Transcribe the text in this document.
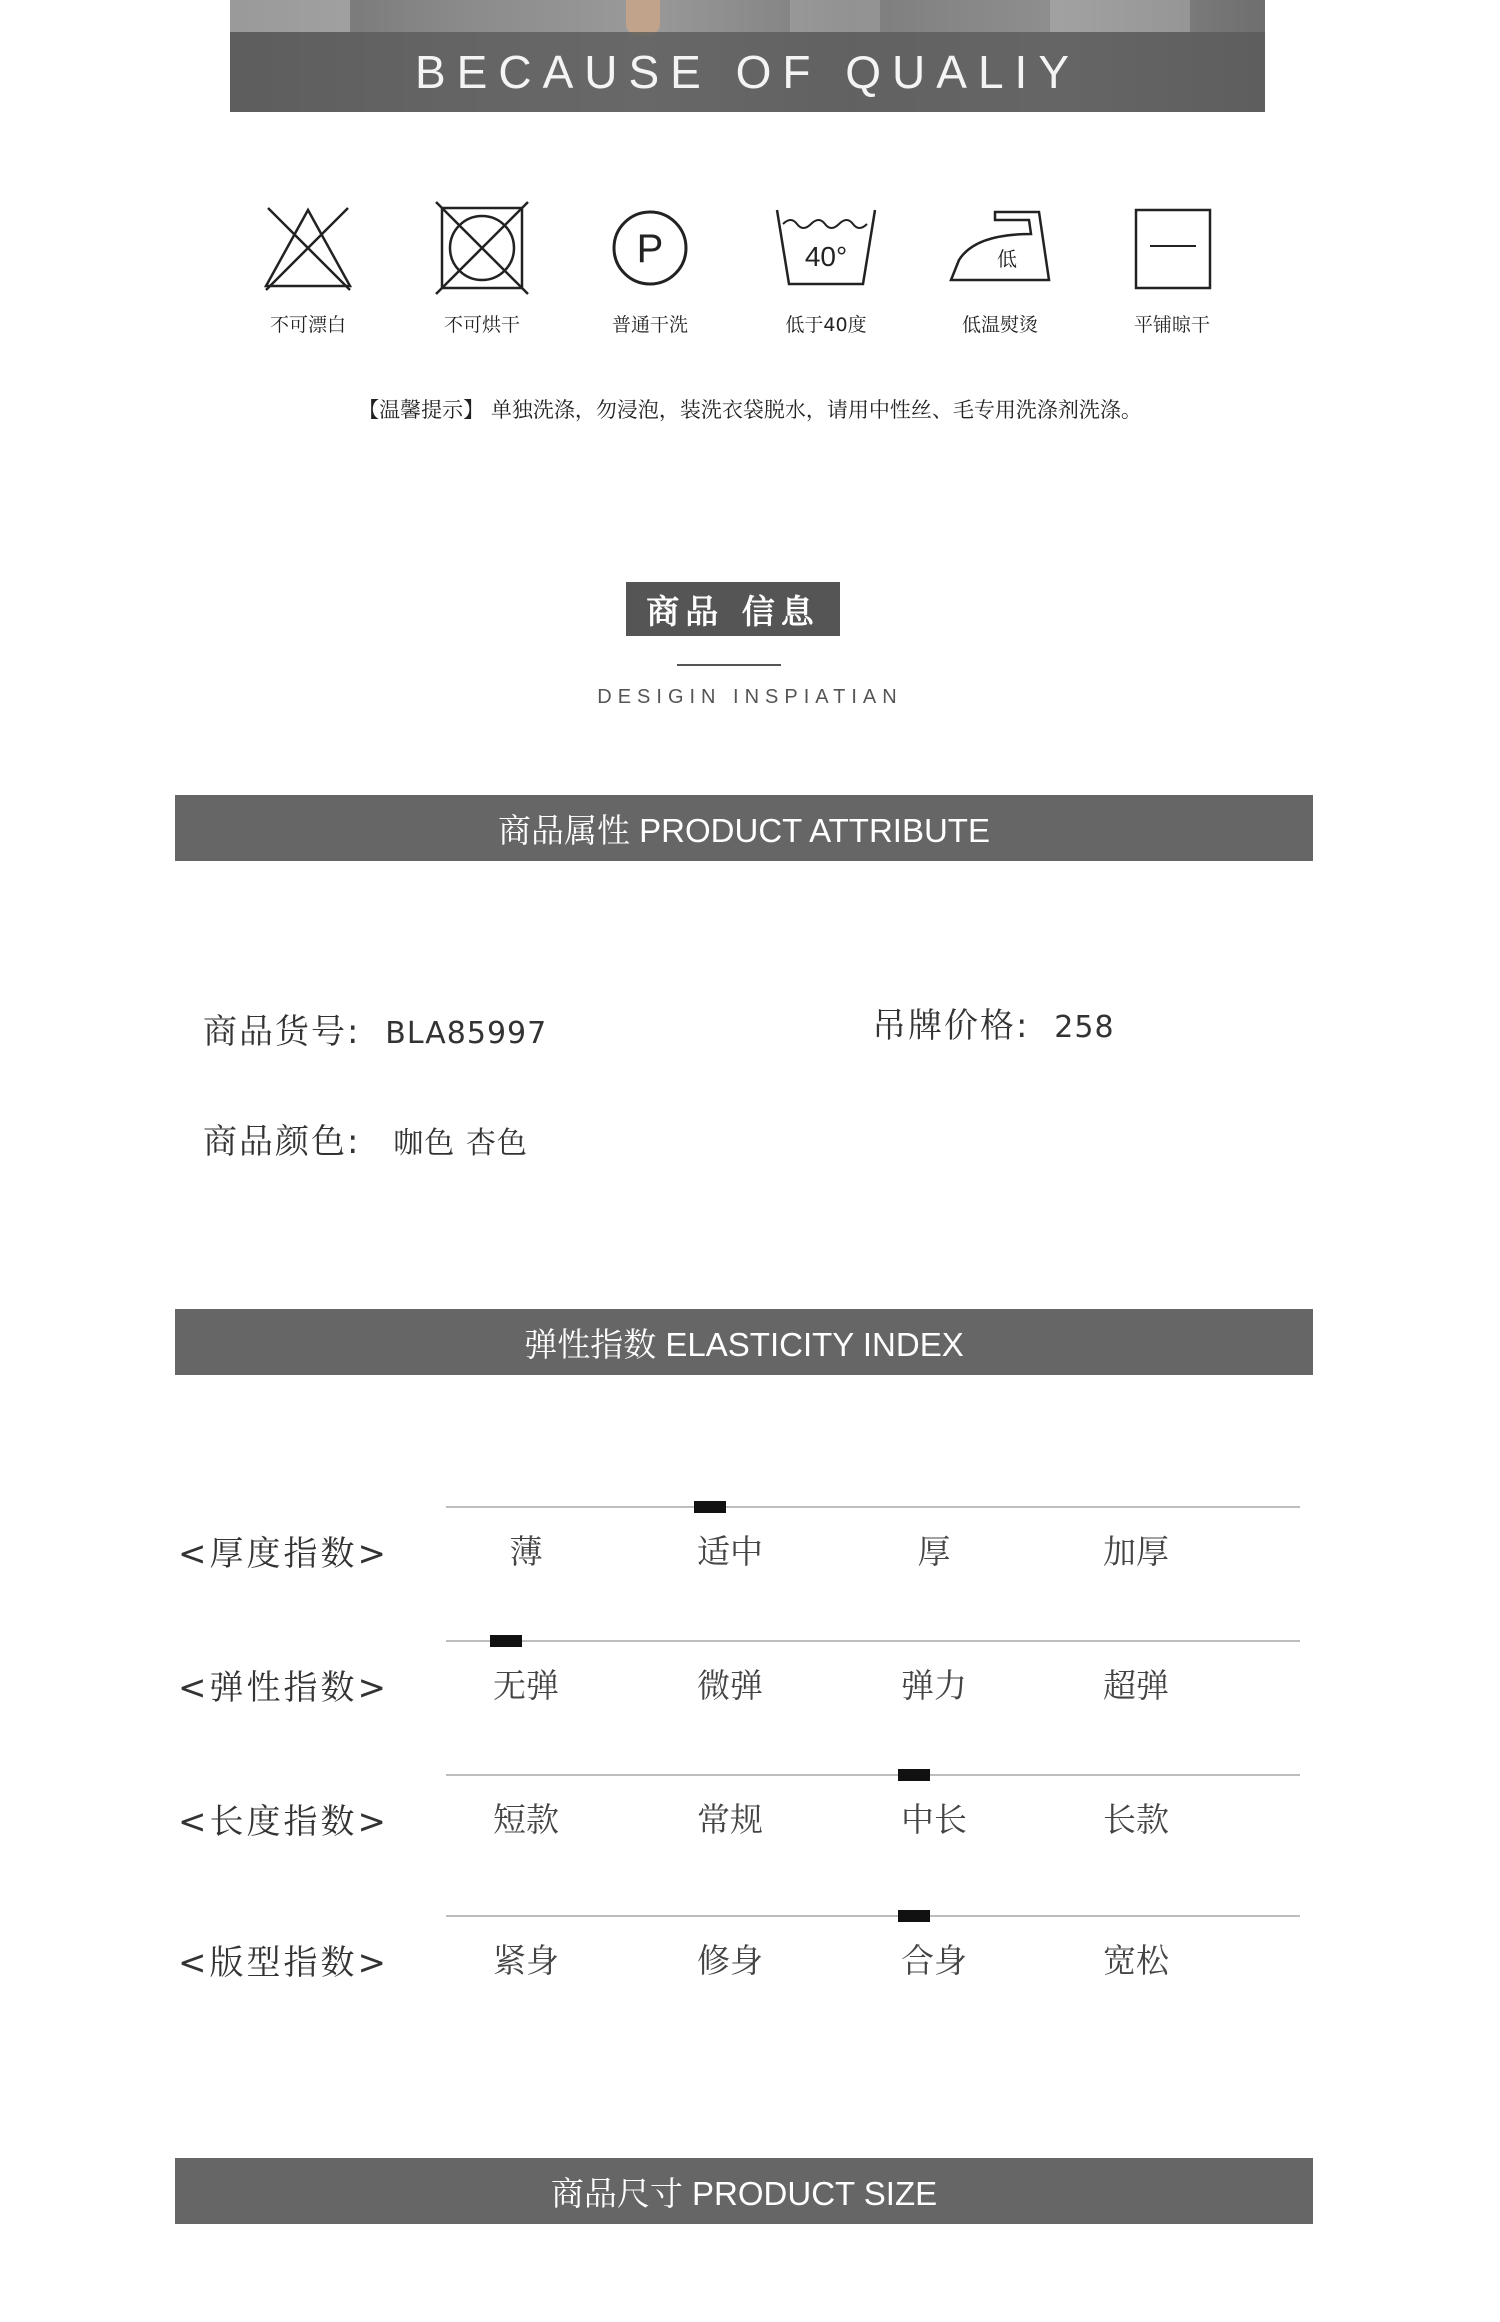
BECAUSE OF QUALIY
不可漂白	不可烘干
P
普通干洗
40°
低于40度
低
低温熨烫	平铺晾干
【温馨提示】 单独洗涤，勿浸泡，装洗衣袋脱水，请用中性丝、毛专用洗涤剂洗涤。
商品 信息
DESIGIN INSPIATIAN
商品属性 PRODUCT ATTRIBUTE
商品货号: BLA85997	吊牌价格: 258
商品颜色: 咖色 杏色
弹性指数 ELASTICITY INDEX
<厚度指数>	薄	适中	厚	加厚
<弹性指数>	无弹	微弹	弹力	超弹
<长度指数>	短款	常规	中长	长款
<版型指数>	紧身	修身	合身	宽松
商品尺寸 PRODUCT SIZE
